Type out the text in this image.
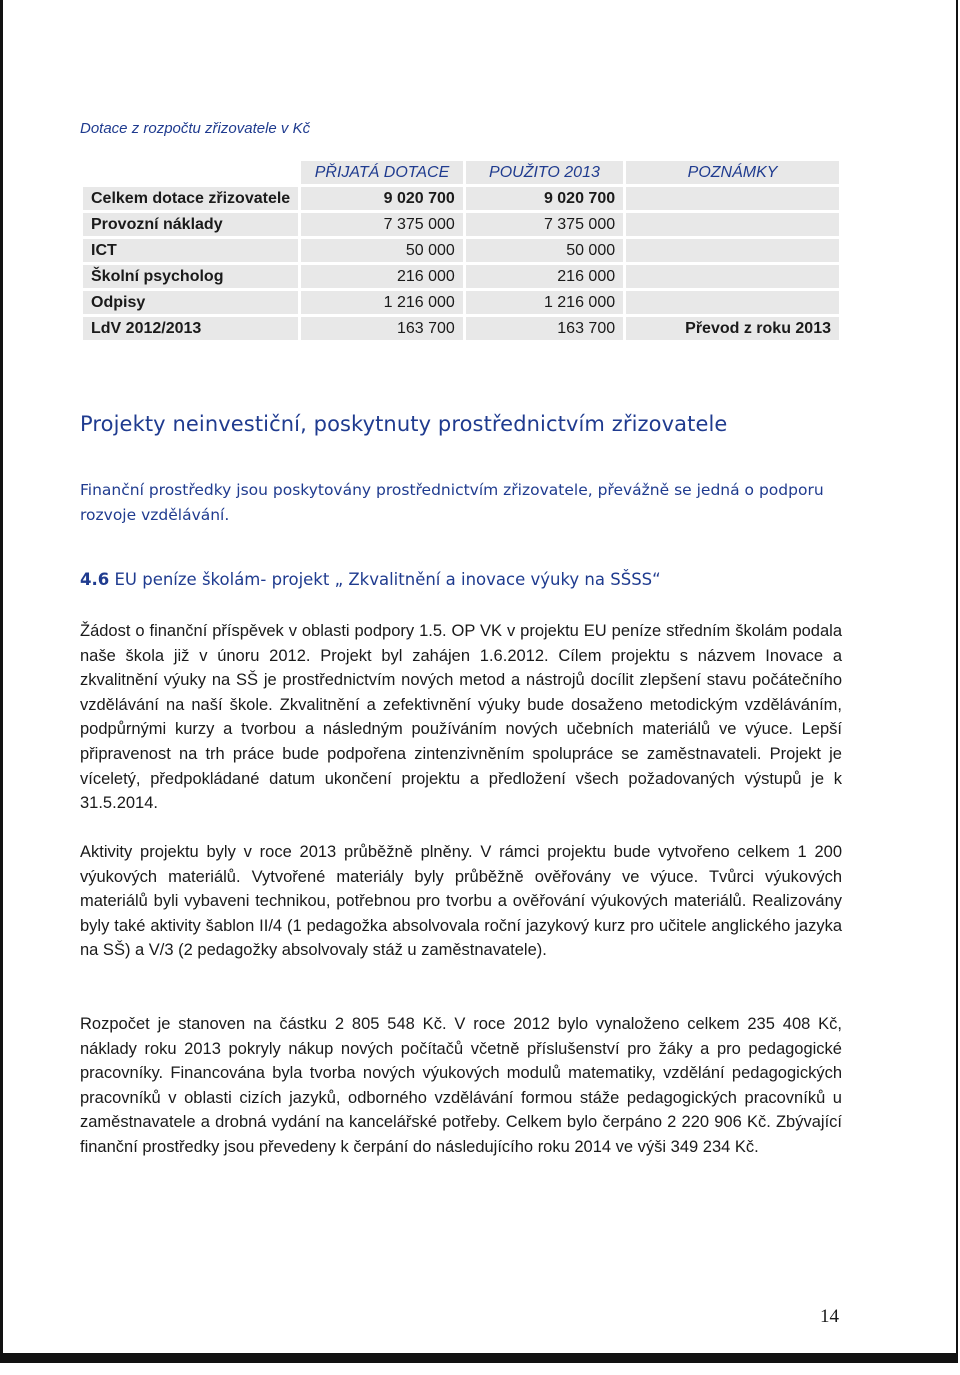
Dotace z rozpočtu zřizovatele v Kč
	PŘIJATÁ DOTACE	POUŽITO 2013	POZNÁMKY
Celkem dotace zřizovatele	9 020 700	9 020 700	
Provozní náklady	7 375 000	7 375 000	
ICT	50 000	50 000	
Školní psycholog	216 000	216 000	
Odpisy	1 216 000	1 216 000	
LdV 2012/2013	163 700	163 700	Převod z roku 2013
Projekty neinvestiční, poskytnuty prostřednictvím zřizovatele

Finanční prostředky jsou poskytovány prostřednictvím zřizovatele, převážně se jedná o podporu rozvoje vzdělávání.

4.6 EU peníze školám- projekt „ Zkvalitnění a inovace výuky na SŠSS“

Žádost o finanční příspěvek v oblasti podpory 1.5. OP VK v projektu EU peníze středním školám podala naše škola již v únoru 2012. Projekt byl zahájen 1.6.2012. Cílem projektu s názvem Inovace a zkvalitnění výuky na SŠ je prostřednictvím nových metod a nástrojů docílit zlepšení stavu počátečního vzdělávání na naší škole. Zkvalitnění a zefektivnění výuky bude dosaženo metodickým vzděláváním, podpůrnými kurzy a tvorbou a následným používáním nových učebních materiálů ve výuce. Lepší připravenost na trh práce bude podpořena zintenzivněním spolupráce se zaměstnavateli. Projekt je víceletý, předpokládané datum ukončení projektu a předložení všech požadovaných výstupů je k 31.5.2014.

Aktivity projektu byly v roce 2013 průběžně plněny. V rámci projektu bude vytvořeno celkem 1 200 výukových materiálů. Vytvořené materiály byly průběžně ověřovány ve výuce. Tvůrci výukových materiálů byli vybaveni technikou, potřebnou pro tvorbu a ověřování výukových materiálů. Realizovány byly také aktivity šablon II/4 (1 pedagožka absolvovala roční jazykový kurz pro učitele anglického jazyka na SŠ) a V/3 (2 pedagožky absolvovaly stáž u zaměstnavatele).

Rozpočet je stanoven na částku 2 805 548 Kč. V roce 2012 bylo vynaloženo celkem 235 408 Kč, náklady roku 2013 pokryly nákup nových počítačů včetně příslušenství pro žáky a pro pedagogické pracovníky. Financována byla tvorba nových výukových modulů matematiky, vzdělání pedagogických pracovníků v oblasti cizích jazyků, odborného vzdělávání formou stáže pedagogických pracovníků u zaměstnavatele a drobná vydání na kancelářské potřeby. Celkem bylo čerpáno 2 220 906 Kč. Zbývající finanční prostředky jsou převedeny k čerpání do následujícího roku 2014 ve výši 349 234 Kč.

14
